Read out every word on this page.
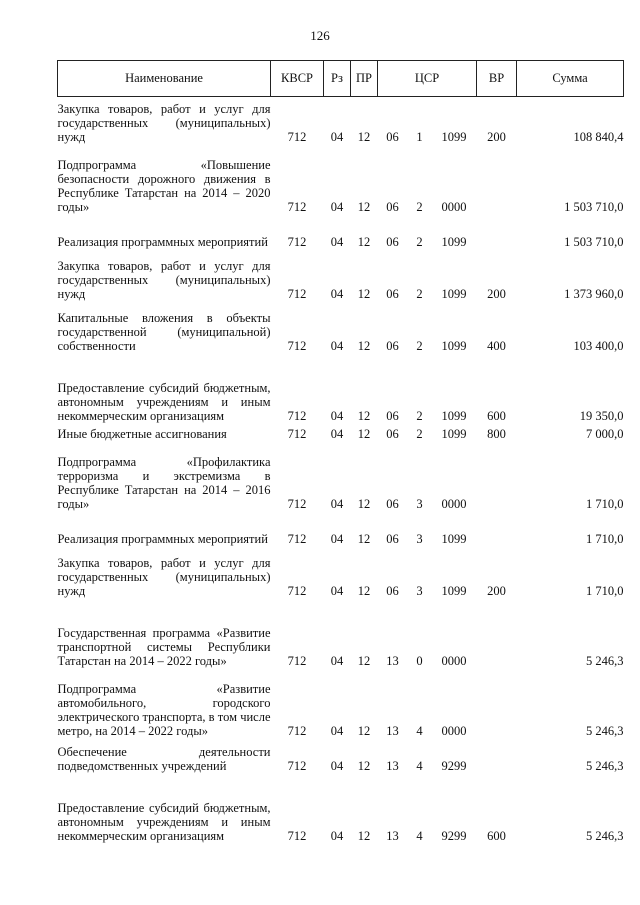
126
Наименование	КВСР	Рз	ПР	ЦСР			ВР	Сумма
Закупка товаров, работ и услуг для государственных (муниципальных) нужд	712	04	12	06	1	1099	200	108 840,4
Подпрограмма «Повышение безопасности дорожного движения в Республике Татарстан на 2014 – 2020 годы»	712	04	12	06	2	0000		1 503 710,0
Реализация программных мероприятий	712	04	12	06	2	1099		1 503 710,0
Закупка товаров, работ и услуг для государственных (муниципальных) нужд	712	04	12	06	2	1099	200	1 373 960,0
Капитальные вложения в объекты государственной (муниципальной) собственности	712	04	12	06	2	1099	400	103 400,0
Предоставление субсидий бюджетным, автономным учреждениям и иным некоммерческим организациям	712	04	12	06	2	1099	600	19 350,0
Иные бюджетные ассигнования	712	04	12	06	2	1099	800	7 000,0
Подпрограмма «Профилактика терроризма и экстремизма в Республике Татарстан на 2014 – 2016 годы»	712	04	12	06	3	0000		1 710,0
Реализация программных мероприятий	712	04	12	06	3	1099		1 710,0
Закупка товаров, работ и услуг для государственных (муниципальных) нужд	712	04	12	06	3	1099	200	1 710,0
Государственная программа «Развитие транспортной системы Республики Татарстан на 2014 – 2022 годы»	712	04	12	13	0	0000		5 246,3
Подпрограмма «Развитие автомобильного, городского электрического транспорта, в том числе метро, на 2014 – 2022 годы»	712	04	12	13	4	0000		5 246,3
Обеспечение деятельности подведомственных учреждений	712	04	12	13	4	9299		5 246,3
Предоставление субсидий бюджетным, автономным учреждениям и иным некоммерческим организациям	712	04	12	13	4	9299	600	5 246,3
